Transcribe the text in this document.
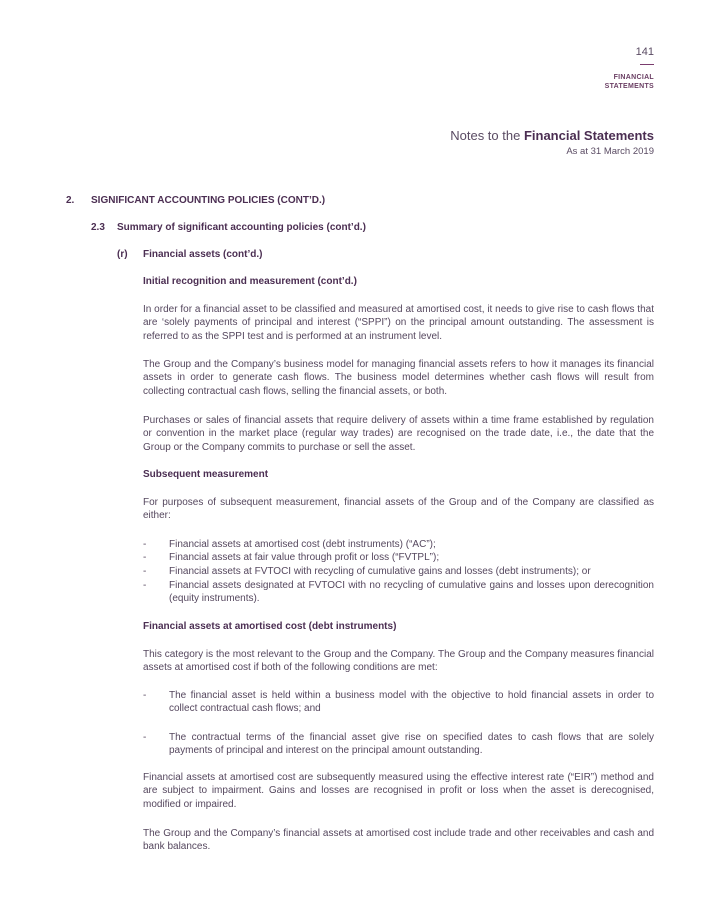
141
FINANCIAL
STATEMENTS
Notes to the Financial Statements
As at 31 March 2019
2. SIGNIFICANT ACCOUNTING POLICIES (CONT’D.)
2.3 Summary of significant accounting policies (cont’d.)
(r) Financial assets (cont’d.)
Initial recognition and measurement (cont’d.)
In order for a financial asset to be classified and measured at amortised cost, it needs to give rise to cash flows that are ‘solely payments of principal and interest (“SPPI”) on the principal amount outstanding. The assessment is referred to as the SPPI test and is performed at an instrument level.
The Group and the Company’s business model for managing financial assets refers to how it manages its financial assets in order to generate cash flows. The business model determines whether cash flows will result from collecting contractual cash flows, selling the financial assets, or both.
Purchases or sales of financial assets that require delivery of assets within a time frame established by regulation or convention in the market place (regular way trades) are recognised on the trade date, i.e., the date that the Group or the Company commits to purchase or sell the asset.
Subsequent measurement
For purposes of subsequent measurement, financial assets of the Group and of the Company are classified as either:
- Financial assets at amortised cost (debt instruments) (“AC”);
- Financial assets at fair value through profit or loss (“FVTPL”);
- Financial assets at FVTOCI with recycling of cumulative gains and losses (debt instruments); or
- Financial assets designated at FVTOCI with no recycling of cumulative gains and losses upon derecognition (equity instruments).
Financial assets at amortised cost (debt instruments)
This category is the most relevant to the Group and the Company. The Group and the Company measures financial assets at amortised cost if both of the following conditions are met:
- The financial asset is held within a business model with the objective to hold financial assets in order to collect contractual cash flows; and
- The contractual terms of the financial asset give rise on specified dates to cash flows that are solely payments of principal and interest on the principal amount outstanding.
Financial assets at amortised cost are subsequently measured using the effective interest rate (“EIR”) method and are subject to impairment. Gains and losses are recognised in profit or loss when the asset is derecognised, modified or impaired.
The Group and the Company’s financial assets at amortised cost include trade and other receivables and cash and bank balances.
